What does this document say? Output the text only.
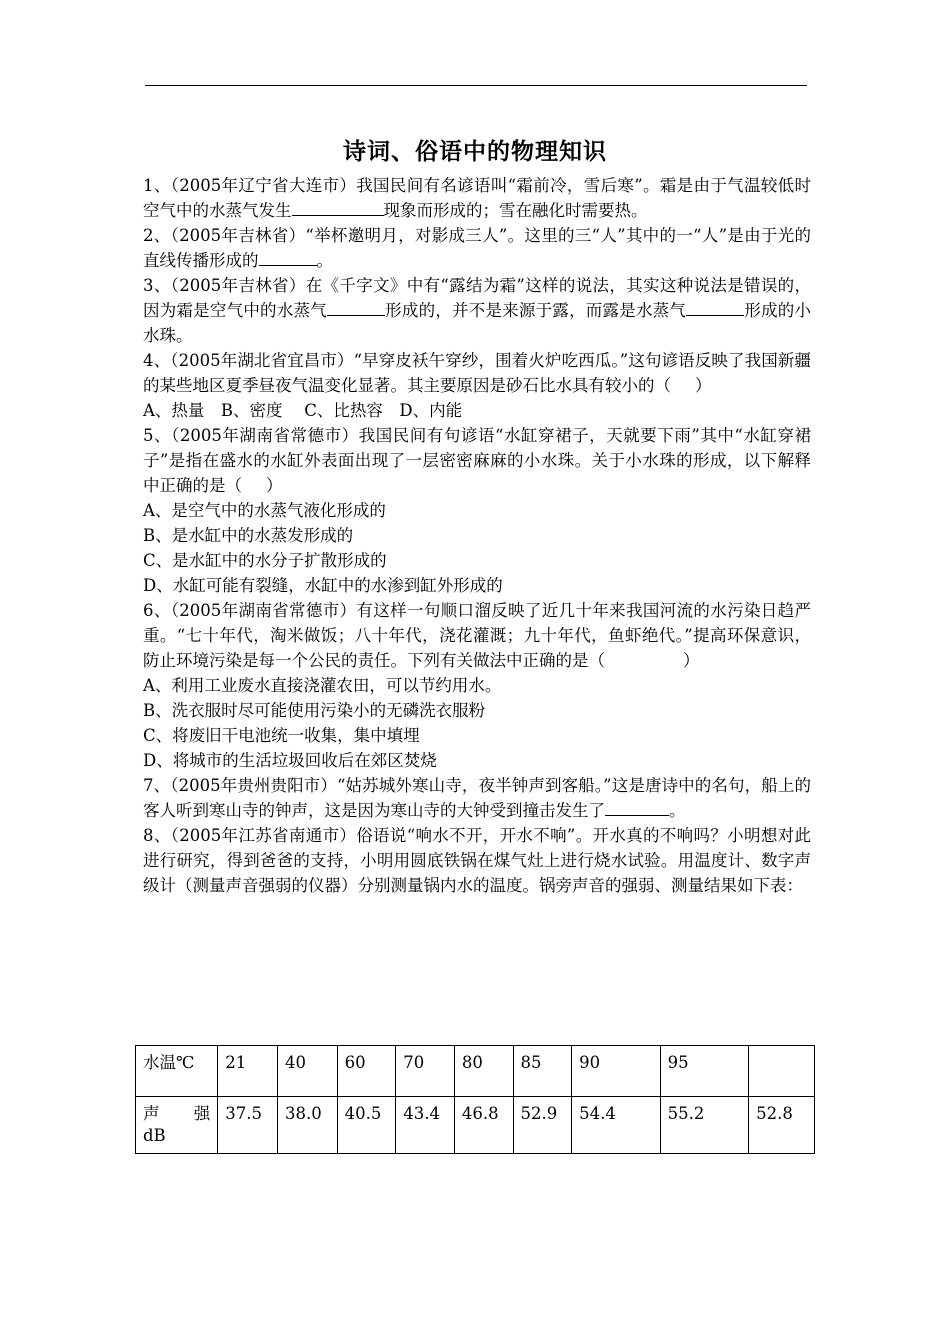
诗词、俗语中的物理知识

1、（2005年辽宁省大连市）我国民间有名谚语叫“霜前冷，雪后寒”。霜是由于气温较低时空气中的水蒸气发生	现象而形成的；雪在融化时需要热。

2、（2005年吉林省）“举杯邀明月，对影成三人”。这里的三“人”其中的一“人”是由于光的直线传播形成的	。

3、（2005年吉林省）在《千字文》中有“露结为霜”这样的说法，其实这种说法是错误的，因为霜是空气中的水蒸气	形成的，并不是来源于露，而露是水蒸气	形成的小水珠。

4、（2005年湖北省宜昌市）“早穿皮袄午穿纱，围着火炉吃西瓜。”这句谚语反映了我国新疆的某些地区夏季昼夜气温变化显著。其主要原因是砂石比水具有较小的（ ）

A、热量　B、密度　 C、比热容　D、内能

5、（2005年湖南省常德市）我国民间有句谚语“水缸穿裙子，天就要下雨”其中“水缸穿裙子”是指在盛水的水缸外表面出现了一层密密麻麻的小水珠。关于小水珠的形成，以下解释中正确的是（ ）

A、是空气中的水蒸气液化形成的

B、是水缸中的水蒸发形成的

C、是水缸中的水分子扩散形成的

D、水缸可能有裂缝，水缸中的水渗到缸外形成的

6、（2005年湖南省常德市）有这样一句顺口溜反映了近几十年来我国河流的水污染日趋严重。“七十年代，淘米做饭；八十年代，浇花灌溉；九十年代，鱼虾绝代。”提高环保意识，防止环境污染是每一个公民的责任。下列有关做法中正确的是（	）

A、利用工业废水直接浇灌农田，可以节约用水。

B、洗衣服时尽可能使用污染小的无磷洗衣服粉

C、将废旧干电池统一收集，集中填埋

D、将城市的生活垃圾回收后在郊区焚烧

7、（2005年贵州贵阳市）“姑苏城外寒山寺，夜半钟声到客船。”这是唐诗中的名句，船上的客人听到寒山寺的钟声，这是因为寒山寺的大钟受到撞击发生了	。

8、（2005年江苏省南通市）俗语说“响水不开，开水不响”。开水真的不响吗？小明想对此进行研究，得到爸爸的支持，小明用圆底铁锅在煤气灶上进行烧水试验。用温度计、数字声级计（测量声音强弱的仪器）分别测量锅内水的温度。锅旁声音的强弱、测量结果如下表：

水温℃	21	40	60	70	80	85	90	95	

声 强
dB	37.5	38.0	40.5	43.4	46.8	52.9	54.4	55.2	52.8
